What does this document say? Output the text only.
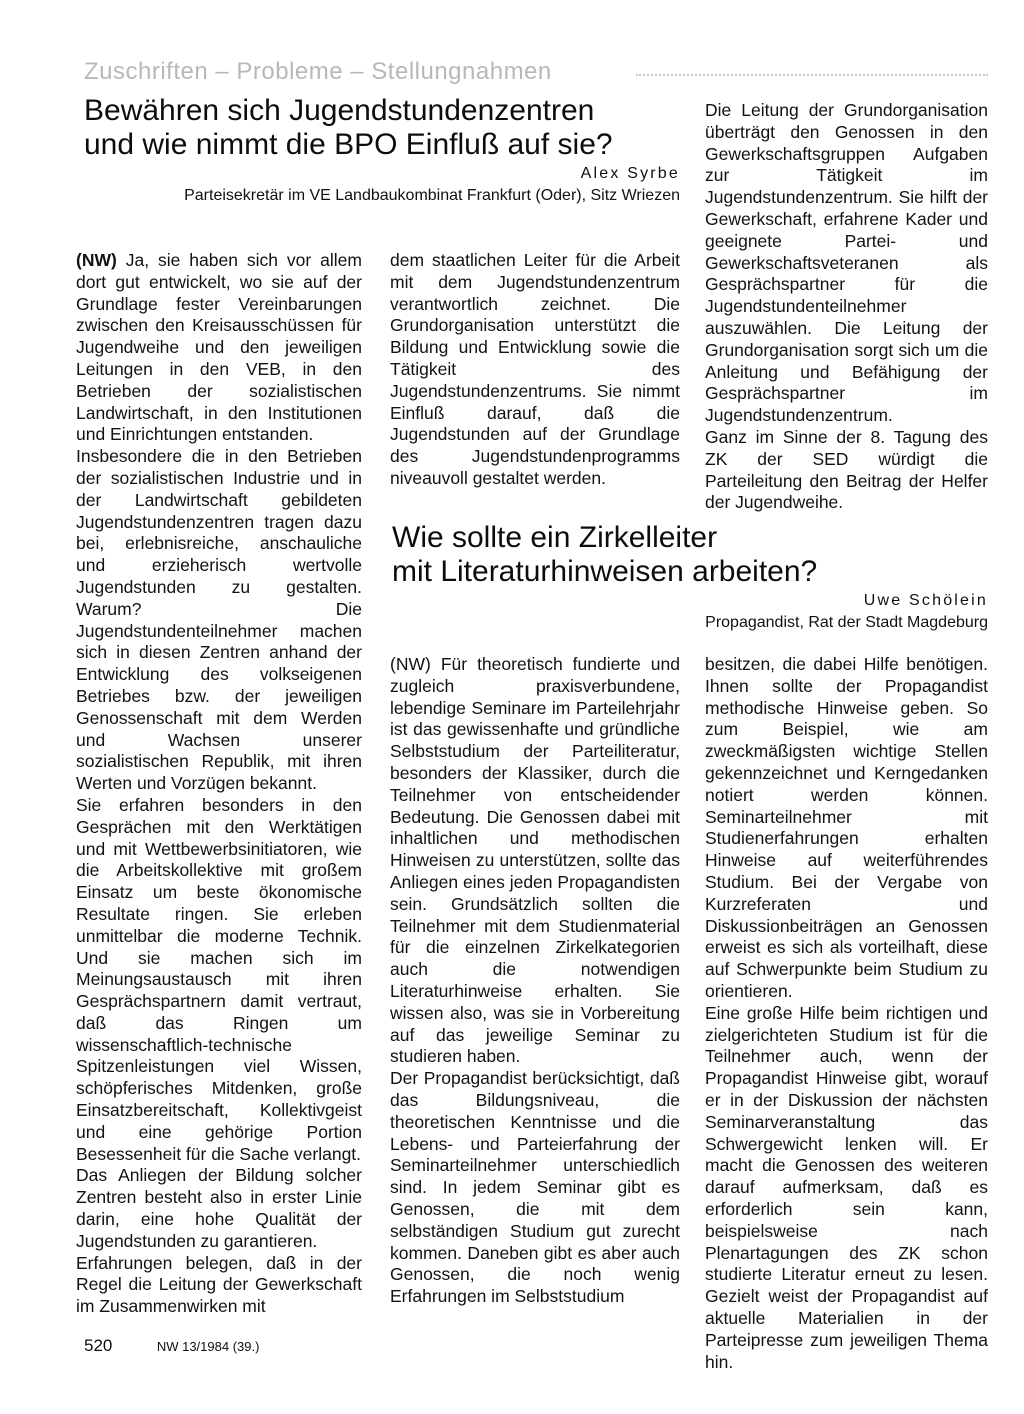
Zuschriften – Probleme – Stellungnahmen
Bewähren sich Jugendstundenzentren
und wie nimmt die BPO Einfluß auf sie?
Alex Syrbe
Parteisekretär im VE Landbaukombinat Frankfurt (Oder), Sitz Wriezen

(NW) Ja, sie haben sich vor allem dort gut entwickelt, wo sie auf der Grundlage fester Vereinbarungen zwischen den Kreisausschüssen für Jugendweihe und den jeweiligen Leitungen in den VEB, in den Betrieben der sozialistischen Landwirtschaft, in den Institutionen und Einrichtungen entstanden.

Insbesondere die in den Betrieben der sozialistischen Industrie und in der Landwirtschaft gebildeten Jugendstundenzentren tragen dazu bei, erlebnisreiche, anschauliche und erzieherisch wertvolle Jugendstunden zu gestalten. Warum? Die Jugendstundenteilnehmer machen sich in diesen Zentren anhand der Entwicklung des volkseigenen Betriebes bzw. der jeweiligen Genossenschaft mit dem Werden und Wachsen unserer sozialistischen Republik, mit ihren Werten und Vorzügen bekannt.

Sie erfahren besonders in den Gesprächen mit den Werktätigen und mit Wettbewerbsinitiatoren, wie die Arbeitskollektive mit großem Einsatz um beste ökonomische Resultate ringen. Sie erleben unmittelbar die moderne Technik. Und sie machen sich im Meinungsaustausch mit ihren Gesprächspartnern damit vertraut, daß das Ringen um wissenschaftlich-technische Spitzenleistungen viel Wissen, schöpferisches Mitdenken, große Einsatzbereitschaft, Kollektivgeist und eine gehörige Portion Besessenheit für die Sache verlangt.

Das Anliegen der Bildung solcher Zentren besteht also in erster Linie darin, eine hohe Qualität der Jugendstunden zu garantieren.

Erfahrungen belegen, daß in der Regel die Leitung der Gewerkschaft im Zusammenwirken mit

dem staatlichen Leiter für die Arbeit mit dem Jugendstundenzentrum verantwortlich zeichnet. Die Grundorganisation unterstützt die Bildung und Entwicklung sowie die Tätigkeit des Jugendstundenzentrums. Sie nimmt Einfluß darauf, daß die Jugendstunden auf der Grundlage des Jugendstundenprogramms niveauvoll gestaltet werden.

Die Leitung der Grundorganisation überträgt den Genossen in den Gewerkschaftsgruppen Aufgaben zur Tätigkeit im Jugendstundenzentrum. Sie hilft der Gewerkschaft, erfahrene Kader und geeignete Partei- und Gewerkschaftsveteranen als Gesprächspartner für die Jugendstundenteilnehmer auszuwählen. Die Leitung der Grundorganisation sorgt sich um die Anleitung und Befähigung der Gesprächspartner im Jugendstundenzentrum.

Ganz im Sinne der 8. Tagung des ZK der SED würdigt die Parteileitung den Beitrag der Helfer der Jugendweihe.

Wie sollte ein Zirkelleiter
mit Literaturhinweisen arbeiten?
Uwe Schölein
Propagandist, Rat der Stadt Magdeburg

(NW) Für theoretisch fundierte und zugleich praxisverbundene, lebendige Seminare im Parteilehrjahr ist das gewissenhafte und gründliche Selbststudium der Parteiliteratur, besonders der Klassiker, durch die Teilnehmer von entscheidender Bedeutung. Die Genossen dabei mit inhaltlichen und methodischen Hinweisen zu unterstützen, sollte das Anliegen eines jeden Propagandisten sein. Grundsätzlich sollten die Teilnehmer mit dem Studienmaterial für die einzelnen Zirkelkategorien auch die notwendigen Literaturhinweise erhalten. Sie wissen also, was sie in Vorbereitung auf das jeweilige Seminar zu studieren haben.

Der Propagandist berücksichtigt, daß das Bildungsniveau, die theoretischen Kenntnisse und die Lebens- und Parteierfahrung der Seminarteilnehmer unterschiedlich sind. In jedem Seminar gibt es Genossen, die mit dem selbständigen Studium gut zurecht kommen. Daneben gibt es aber auch Genossen, die noch wenig Erfahrungen im Selbststudium

besitzen, die dabei Hilfe benötigen. Ihnen sollte der Propagandist methodische Hinweise geben. So zum Beispiel, wie am zweckmäßigsten wichtige Stellen gekennzeichnet und Kerngedanken notiert werden können. Seminarteilnehmer mit Studienerfahrungen erhalten Hinweise auf weiterführendes Studium. Bei der Vergabe von Kurzreferaten und Diskussionbeiträgen an Genossen erweist es sich als vorteilhaft, diese auf Schwerpunkte beim Studium zu orientieren.

Eine große Hilfe beim richtigen und zielgerichteten Studium ist für die Teilnehmer auch, wenn der Propagandist Hinweise gibt, worauf er in der Diskussion der nächsten Seminarveranstaltung das Schwergewicht lenken will. Er macht die Genossen des weiteren darauf aufmerksam, daß es erforderlich sein kann, beispielsweise nach Plenartagungen des ZK schon studierte Literatur erneut zu lesen. Gezielt weist der Propagandist auf aktuelle Materialien in der Parteipresse zum jeweiligen Thema hin.

520	NW 13/1984 (39.)
